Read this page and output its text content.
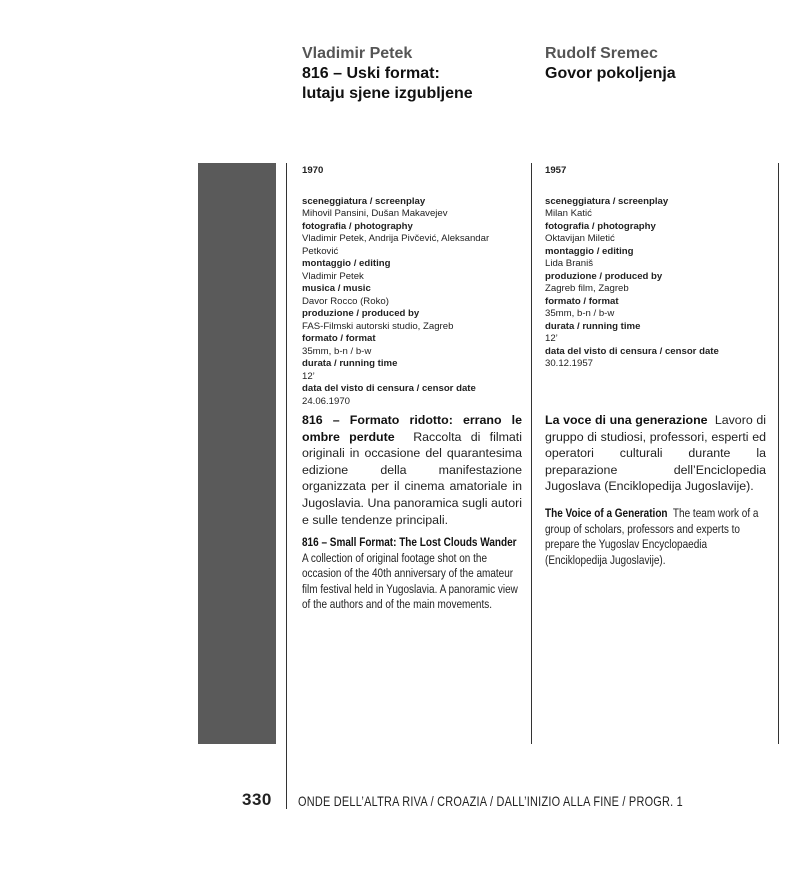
Vladimir Petek
816 – Uski format:
lutaju sjene izgubljene
Rudolf Sremec
Govor pokoljenja
1970
sceneggiatura / screenplay
Mihovil Pansini, Dušan Makavejev
fotografia / photography
Vladimir Petek, Andrija Pivčević, Aleksandar Petković
montaggio / editing
Vladimir Petek
musica / music
Davor Rocco (Roko)
produzione / produced by
FAS-Filmski autorski studio, Zagreb
formato / format
35mm, b-n / b-w
durata / running time
12’
data del visto di censura / censor date
24.06.1970
1957
sceneggiatura / screenplay
Milan Katić
fotografia / photography
Oktavijan Miletić
montaggio / editing
Lida Braniš
produzione / produced by
Zagreb film, Zagreb
formato / format
35mm, b-n / b-w
durata / running time
12’
data del visto di censura / censor date
30.12.1957
816 – Formato ridotto: errano le ombre perdute Raccolta di filmati originali in occasione del quarantesima edizione della manifestazione organizzata per il cinema amatoriale in Jugoslavia. Una panoramica sugli autori e sulle tendenze principali.
816 – Small Format: The Lost Clouds Wander
A collection of original footage shot on the occasion of the 40th anniversary of the amateur film festival held in Yugoslavia. A panoramic view of the authors and of the main movements.
La voce di una generazione Lavoro di gruppo di studiosi, professori, esperti ed operatori culturali durante la preparazione dell’Enciclopedia Jugoslava (Enciklopedija Jugoslavije).
The Voice of a Generation The team work of a group of scholars, professors and experts to prepare the Yugoslav Encyclopaedia (Enciklopedija Jugoslavije).
330 ONDE DELL’ALTRA RIVA / CROAZIA / DALL’INIZIO ALLA FINE / PROGR. 1
